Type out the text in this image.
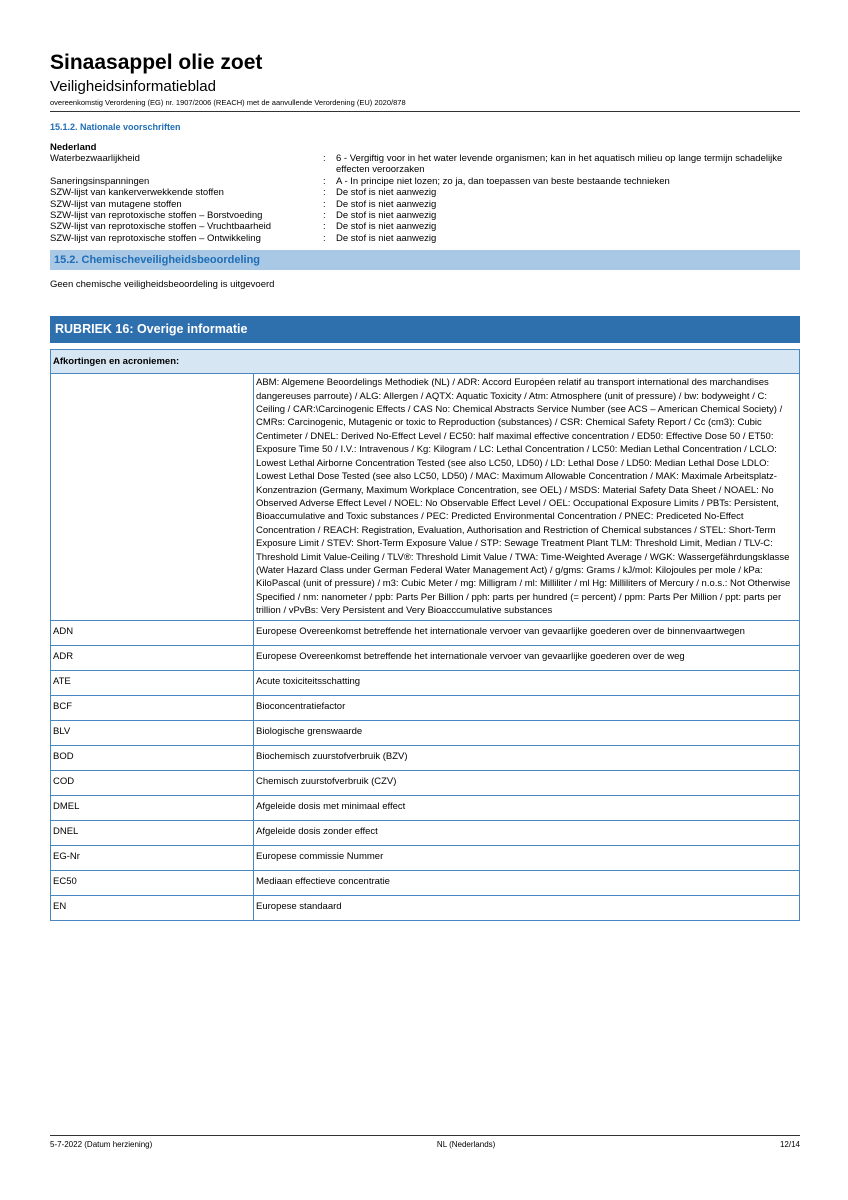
Sinaasappel olie zoet
Veiligheidsinformatieblad
overeenkomstig Verordening (EG) nr. 1907/2006 (REACH) met de aanvullende Verordening (EU) 2020/878
15.1.2. Nationale voorschriften
Nederland
Waterbezwaarlijkheid	:	6 - Vergiftig voor in het water levende organismen; kan in het aquatisch milieu op lange termijn schadelijke effecten veroorzaken
Saneringsinspanningen	:	A - In principe niet lozen; zo ja, dan toepassen van beste bestaande technieken
SZW-lijst van kankerverwekkende stoffen	:	De stof is niet aanwezig
SZW-lijst van mutagene stoffen	:	De stof is niet aanwezig
SZW-lijst van reprotoxische stoffen – Borstvoeding	:	De stof is niet aanwezig
SZW-lijst van reprotoxische stoffen – Vruchtbaarheid	:	De stof is niet aanwezig
SZW-lijst van reprotoxische stoffen – Ontwikkeling	:	De stof is niet aanwezig
15.2. Chemischeveiligheidsbeoordeling
Geen chemische veiligheidsbeoordeling is uitgevoerd
RUBRIEK 16: Overige informatie
Afkortingen en acroniemen:	
	ABM: Algemene Beoordelings Methodiek (NL) / ADR: Accord Européen relatif au transport international des marchandises dangereuses parroute) / ALG: Allergen / AQTX: Aquatic Toxicity / Atm: Atmosphere (unit of pressure) / bw: bodyweight / C: Ceiling / CAR:\Carcinogenic Effects / CAS No: Chemical Abstracts Service Number (see ACS – American Chemical Society) / CMRs: Carcinogenic, Mutagenic or toxic to Reproduction (substances) / CSR: Chemical Safety Report / Cc (cm3): Cubic Centimeter / DNEL: Derived No-Effect Level / EC50: half maximal effective concentration / ED50: Effective Dose 50 / ET50: Exposure Time 50 / I.V.: Intravenous / Kg: Kilogram / LC: Lethal Concentration / LC50: Median Lethal Concentration / LCLO: Lowest Lethal Airborne Concentration Tested (see also LC50, LD50) / LD: Lethal Dose / LD50: Median Lethal Dose LDLO: Lowest Lethal Dose Tested (see also LC50, LD50) / MAC: Maximum Allowable Concentration / MAK: Maximale Arbeitsplatz-Konzentrazion (Germany, Maximum Workplace Concentration, see OEL) / MSDS: Material Safety Data Sheet / NOAEL: No Observed Adverse Effect Level / NOEL: No Observable Effect Level / OEL: Occupational Exposure Limits / PBTs: Persistent, Bioaccumulative and Toxic substances / PEC: Predicted Environmental Concentration / PNEC: Prediceted No-Effect Concentration / REACH: Registration, Evaluation, Authorisation and Restriction of Chemical substances / STEL: Short-Term Exposure Limit / STEV: Short-Term Exposure Value / STP: Sewage Treatment Plant TLM: Threshold Limit, Median / TLV-C: Threshold Limit Value-Ceiling / TLV®: Threshold Limit Value / TWA: Time-Weighted Average / WGK: Wassergefährdungsklasse (Water Hazard Class under German Federal Water Management Act) / g/gms: Grams / kJ/mol: Kilojoules per mole / kPa: KiloPascal (unit of pressure) / m3: Cubic Meter / mg: Milligram / ml: Milliliter / ml Hg: Milliliters of Mercury / n.o.s.: Not Otherwise Specified / nm: nanometer / ppb: Parts Per Billion / pph: parts per hundred (= percent) / ppm: Parts Per Million / ppt: parts per trillion / vPvBs: Very Persistent and Very Bioacccumulative substances
ADN	Europese Overeenkomst betreffende het internationale vervoer van gevaarlijke goederen over de binnenvaartwegen
ADR	Europese Overeenkomst betreffende het internationale vervoer van gevaarlijke goederen over de weg
ATE	Acute toxiciteitsschatting
BCF	Bioconcentratiefactor
BLV	Biologische grenswaarde
BOD	Biochemisch zuurstofverbruik (BZV)
COD	Chemisch zuurstofverbruik (CZV)
DMEL	Afgeleide dosis met minimaal effect
DNEL	Afgeleide dosis zonder effect
EG-Nr	Europese commissie Nummer
EC50	Mediaan effectieve concentratie
EN	Europese standaard
5-7-2022 (Datum herziening)	NL (Nederlands)	12/14
